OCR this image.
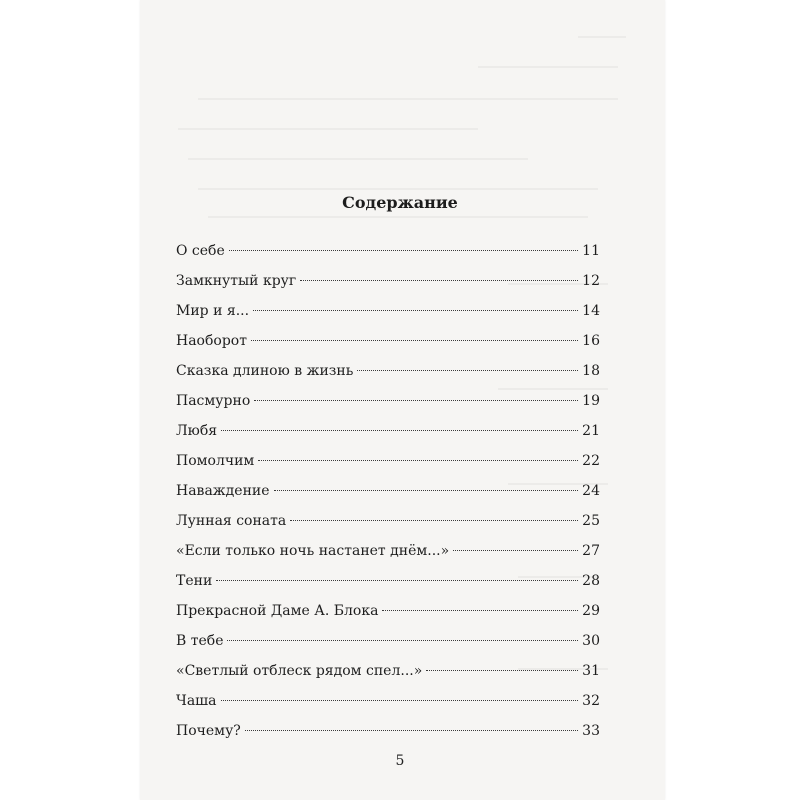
Содержание
О себе	11
Замкнутый круг	12
Мир и я...	14
Наоборот	16
Сказка длиною в жизнь	18
Пасмурно	19
Любя	21
Помолчим	22
Наваждение	24
Лунная соната	25
«Если только ночь настанет днём...»	27
Тени	28
Прекрасной Даме А. Блока	29
В тебе	30
«Светлый отблеск рядом спел...»	31
Чаша	32
Почему?	33
5
